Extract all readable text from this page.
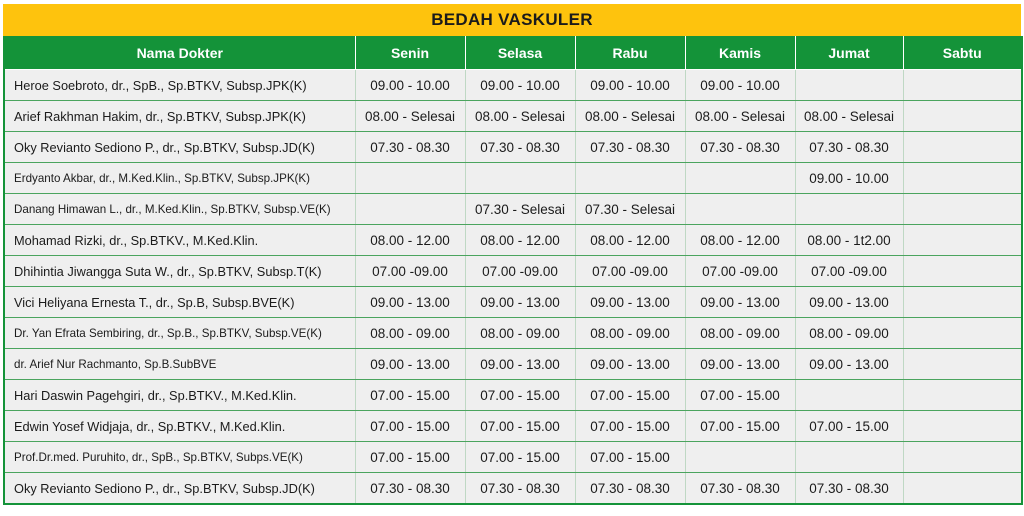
BEDAH VASKULER
Nama Dokter	Senin	Selasa	Rabu	Kamis	Jumat	Sabtu
Heroe Soebroto, dr., SpB., Sp.BTKV, Subsp.JPK(K)	09.00 - 10.00	09.00 - 10.00	09.00 - 10.00	09.00 - 10.00		
Arief Rakhman Hakim, dr., Sp.BTKV, Subsp.JPK(K)	08.00 - Selesai	08.00 - Selesai	08.00 - Selesai	08.00 - Selesai	08.00 - Selesai	
Oky Revianto Sediono P., dr., Sp.BTKV, Subsp.JD(K)	07.30 - 08.30	07.30 - 08.30	07.30 - 08.30	07.30 - 08.30	07.30 - 08.30	
Erdyanto Akbar, dr., M.Ked.Klin., Sp.BTKV, Subsp.JPK(K)					09.00 - 10.00	
Danang Himawan L., dr., M.Ked.Klin., Sp.BTKV, Subsp.VE(K)		07.30 - Selesai	07.30 - Selesai			
Mohamad Rizki, dr., Sp.BTKV., M.Ked.Klin.	08.00 - 12.00	08.00 - 12.00	08.00 - 12.00	08.00 - 12.00	08.00 - 1t2.00	
Dhihintia Jiwangga Suta W., dr., Sp.BTKV, Subsp.T(K)	07.00 -09.00	07.00 -09.00	07.00 -09.00	07.00 -09.00	07.00 -09.00	
Vici Heliyana Ernesta T., dr., Sp.B, Subsp.BVE(K)	09.00 - 13.00	09.00 - 13.00	09.00 - 13.00	09.00 - 13.00	09.00 - 13.00	
Dr. Yan Efrata Sembiring, dr., Sp.B., Sp.BTKV, Subsp.VE(K)	08.00 - 09.00	08.00 - 09.00	08.00 - 09.00	08.00 - 09.00	08.00 - 09.00	
dr. Arief Nur Rachmanto, Sp.B.SubBVE	09.00 - 13.00	09.00 - 13.00	09.00 - 13.00	09.00 - 13.00	09.00 - 13.00	
Hari Daswin Pagehgiri, dr., Sp.BTKV., M.Ked.Klin.	07.00 - 15.00	07.00 - 15.00	07.00 - 15.00	07.00 - 15.00		
Edwin Yosef Widjaja, dr., Sp.BTKV., M.Ked.Klin.	07.00 - 15.00	07.00 - 15.00	07.00 - 15.00	07.00 - 15.00	07.00 - 15.00	
Prof.Dr.med. Puruhito, dr., SpB., Sp.BTKV, Subps.VE(K)	07.00 - 15.00	07.00 - 15.00	07.00 - 15.00			
Oky Revianto Sediono P., dr., Sp.BTKV, Subsp.JD(K)	07.30 - 08.30	07.30 - 08.30	07.30 - 08.30	07.30 - 08.30	07.30 - 08.30	
